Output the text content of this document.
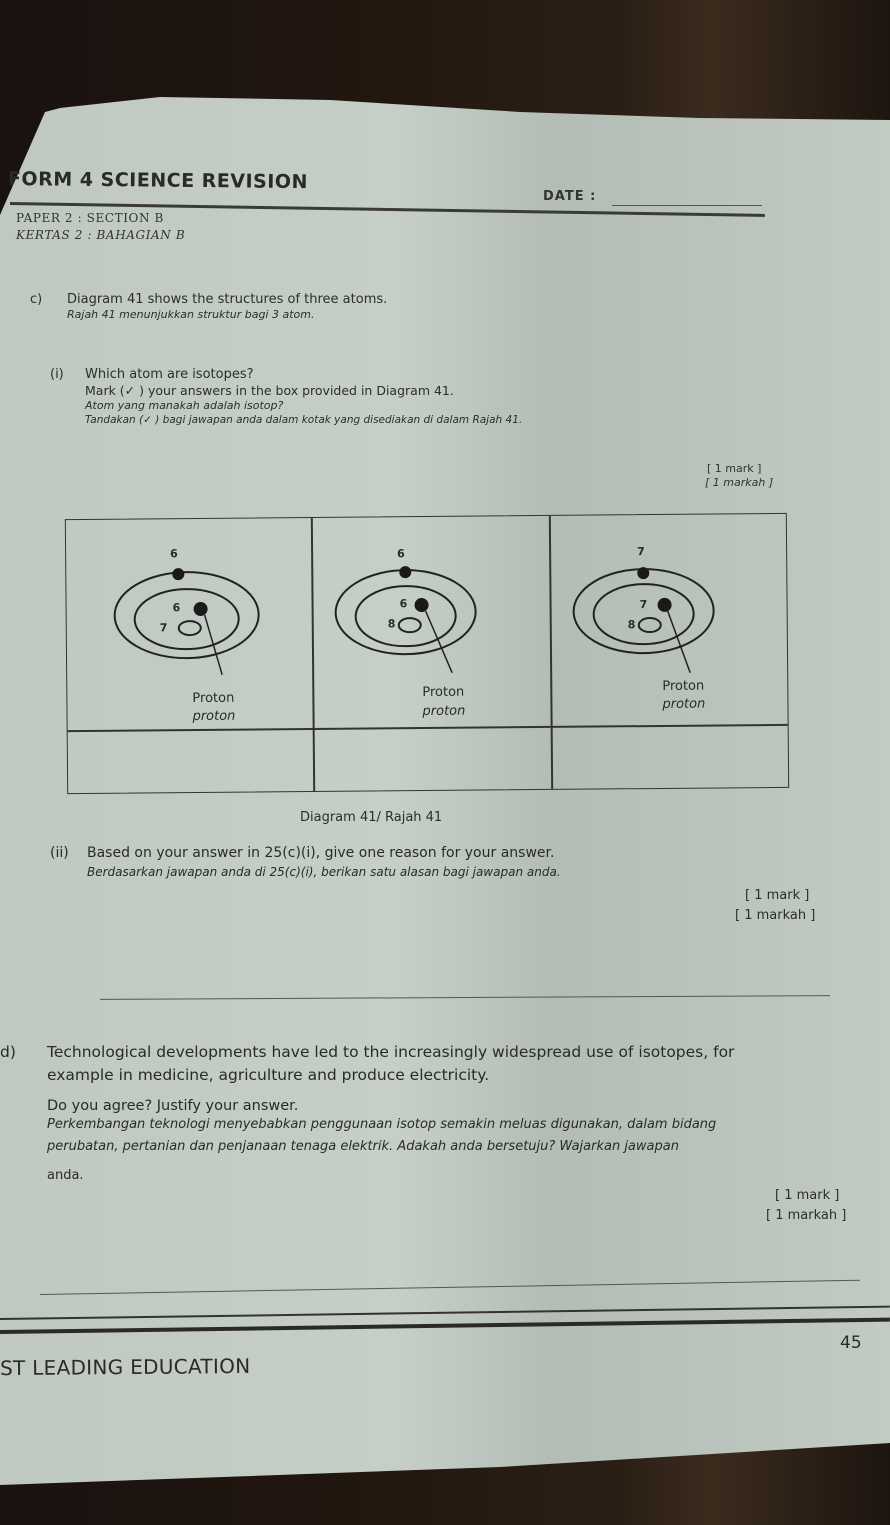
FORM 4 SCIENCE REVISION
DATE :
PAPER 2 : SECTION B
KERTAS 2 : BAHAGIAN B
c) Diagram 41 shows the structures of three atoms.
Rajah 41 menunjukkan struktur bagi 3 atom.
(i) Which atom are isotopes?
Mark (✓ ) your answers in the box provided in Diagram 41.
Atom yang manakah adalah isotop?
Tandakan (✓ ) bagi jawapan anda dalam kotak yang disediakan di dalam Rajah 41.
[ 1 mark ]
[ 1 markah ]
6
6
7
Proton
proton
6
6
8
Proton
proton
7
7
8
Proton
proton
Diagram 41/ Rajah 41
(ii) Based on your answer in 25(c)(i), give one reason for your answer.
Berdasarkan jawapan anda di 25(c)(i), berikan satu alasan bagi jawapan anda.
[ 1 mark ]
[ 1 markah ]
d) Technological developments have led to the increasingly widespread use of isotopes, for
example in medicine, agriculture and produce electricity.
Do you agree? Justify your answer.
Perkembangan teknologi menyebabkan penggunaan isotop semakin meluas digunakan, dalam bidang
perubatan, pertanian dan penjanaan tenaga elektrik. Adakah anda bersetuju? Wajarkan jawapan
anda.
[ 1 mark ]
[ 1 markah ]
45
ST LEADING EDUCATION
